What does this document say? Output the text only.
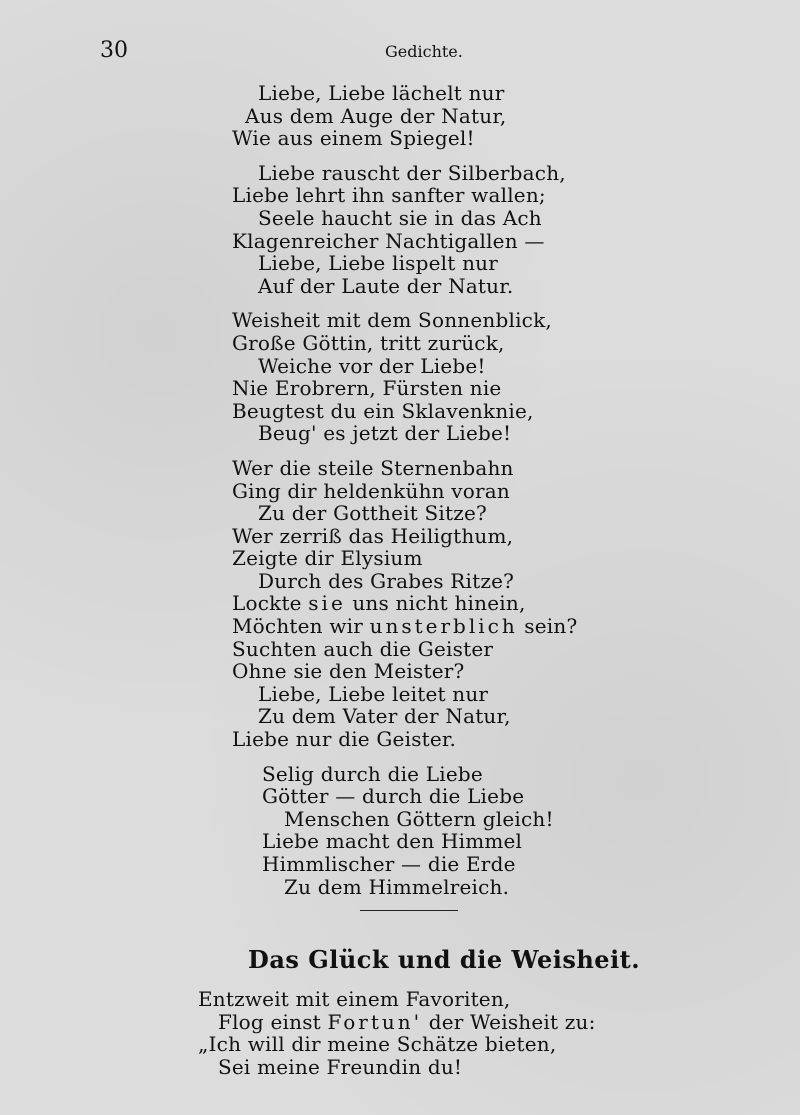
30	Gedichte.
Liebe, Liebe lächelt nur
Aus dem Auge der Natur,
Wie aus einem Spiegel!
Liebe rauscht der Silberbach,
Liebe lehrt ihn sanfter wallen;
Seele haucht sie in das Ach
Klagenreicher Nachtigallen —
Liebe, Liebe lispelt nur
Auf der Laute der Natur.
Weisheit mit dem Sonnenblick,
Große Göttin, tritt zurück,
Weiche vor der Liebe!
Nie Erobrern, Fürsten nie
Beugtest du ein Sklavenknie,
Beug' es jetzt der Liebe!
Wer die steile Sternenbahn
Ging dir heldenkühn voran
Zu der Gottheit Sitze?
Wer zerriß das Heiligthum,
Zeigte dir Elysium
Durch des Grabes Ritze?
Lockte sie uns nicht hinein,
Möchten wir unsterblich sein?
Suchten auch die Geister
Ohne sie den Meister?
Liebe, Liebe leitet nur
Zu dem Vater der Natur,
Liebe nur die Geister.
Selig durch die Liebe
Götter — durch die Liebe
Menschen Göttern gleich!
Liebe macht den Himmel
Himmlischer — die Erde
Zu dem Himmelreich.
Das Glück und die Weisheit.
Entzweit mit einem Favoriten,
Flog einst Fortun' der Weisheit zu:
„Ich will dir meine Schätze bieten,
Sei meine Freundin du!
